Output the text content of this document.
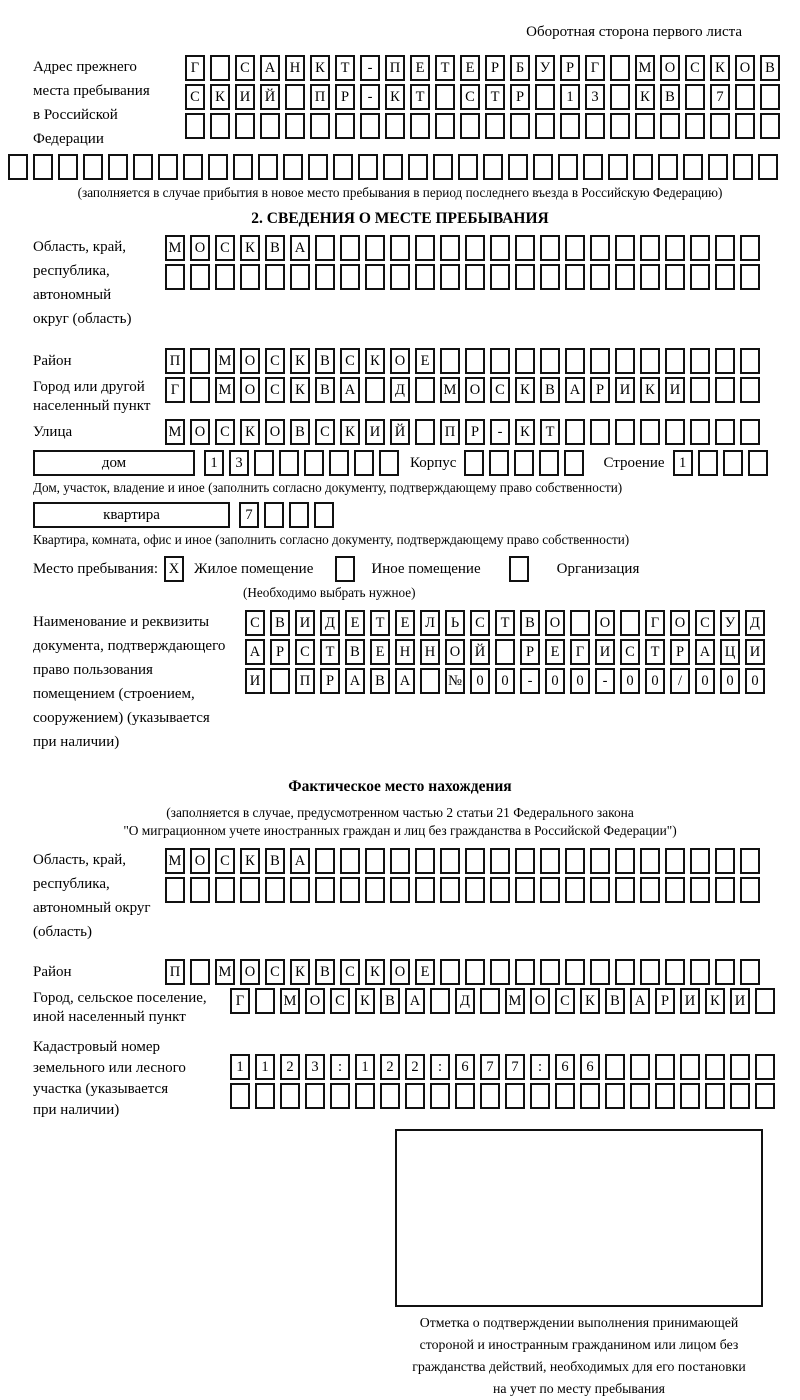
Оборотная сторона первого листа
Адрес прежнего
места пребывания
в Российской
Федерации
Г	С	А	Н	К	Т	-	П	Е	Т	Е	Р	Б	У	Р	Г	М О	С	К	О	В
С	К	И	Й	П	Р	-	К	Т	С	Т	Р	1	3	К	В	7
(заполняется в случае прибытия в новое место пребывания в период последнего въезда в Российскую Федерацию)
2. СВЕДЕНИЯ О МЕСТЕ ПРЕБЫВАНИЯ
Область, край,
республика,
автономный
округ (область)
М О	С	К	В	А
Район	П	М О	С	К	В	С	К	О	Е
Город или другой
населенный пункт
Г	М О	С	К	В	А	Д	М О	С	К	В	А	Р	И	К	И
Улица	М О	С	К	О	В	С	К	И	Й	П	Р	-	К	Т
дом	1	3	Корпус	Строение 1
Дом, участок, владение и иное (заполнить согласно документу, подтверждающему право собственности)
квартира	7
Квартира, комната, офис и иное (заполнить согласно документу, подтверждающему право собственности)
Место пребывания: X Жилое помещение	Иное помещение	Организация
(Необходимо выбрать нужное)
Наименование и реквизиты
документа, подтверждающего
право пользования
помещением (строением,
сооружением) (указывается
при наличии)
С	В	И	Д	Е	Т	Е	Л	Ь	С	Т	В	О	О	Г	О	С	У	Д
А	Р	С	Т	В	Е	Н	Н	О	Й	Р	Е	Г	И	С	Т	Р	А	Ц	И
И	П	Р	А	В	А	№ 0	0	-	0	0	-	0	0	/	0	0	0
Фактическое место нахождения
(заполняется в случае, предусмотренном частью 2 статьи 21 Федерального закона
"О миграционном учете иностранных граждан и лиц без гражданства в Российской Федерации")
Область, край,
республика,
автономный округ
(область)
М О	С	К	В	А
Район	П	М О	С	К	В	С	К	О	Е
Город, сельское поселение,
иной населенный пункт
Г	М О	С	К	В	А	Д	М О	С	К	В	А	Р	И	К	И
Кадастровый номер
земельного или лесного
участка (указывается
при наличии)
1	1	2	3	:	1	2	2	:	6	7	7	:	6	6
Отметка о подтверждении выполнения принимающей
стороной и иностранным гражданином или лицом без
гражданства действий, необходимых для его постановки
на учет по месту пребывания
